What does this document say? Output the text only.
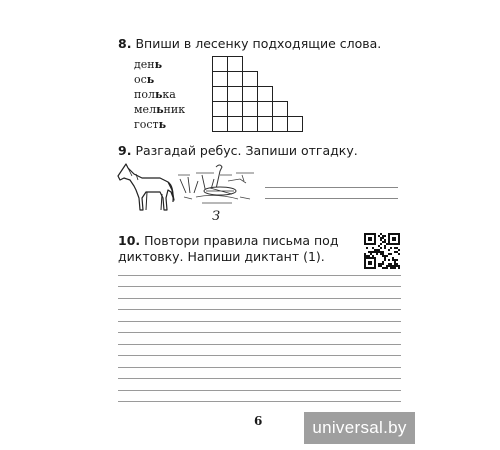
8. Впиши в лесенку подходящие слова.

день
ось
полька
мельник
гость

9. Разгадай ребус. Запиши отгадку.

З

10. Повтори правила письма под диктовку. Напиши диктант (1).

6	universal.by
